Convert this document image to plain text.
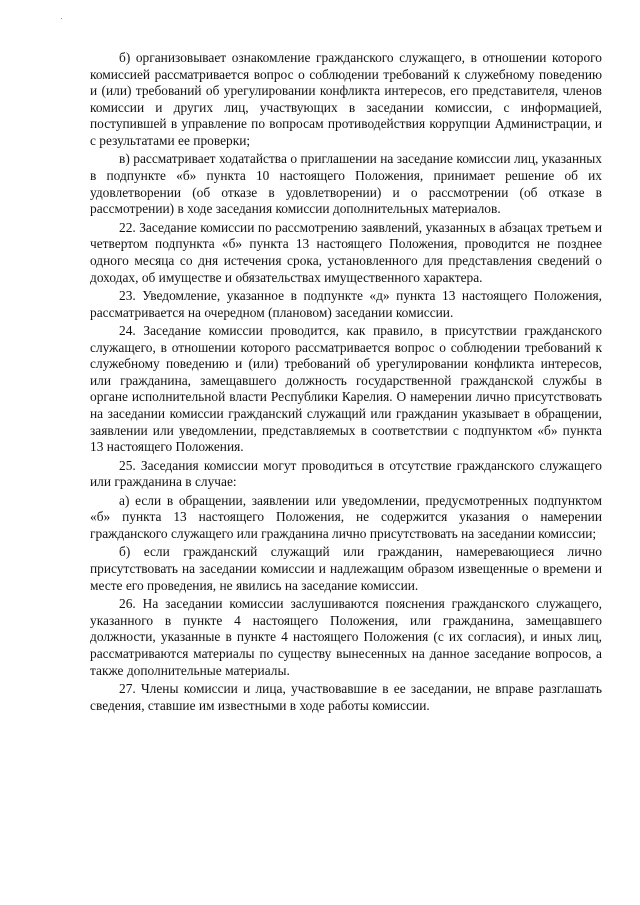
б) организовывает ознакомление гражданского служащего, в отношении которого комиссией рассматривается вопрос о соблюдении требований к служебному поведению и (или) требований об урегулировании конфликта интересов, его представителя, членов комиссии и других лиц, участвующих в заседании комиссии, с информацией, поступившей в управление по вопросам противодействия коррупции Администрации, и с результатами ее проверки;

в) рассматривает ходатайства о приглашении на заседание комиссии лиц, указанных в подпункте «б» пункта 10 настоящего Положения, принимает решение об их удовлетворении (об отказе в удовлетворении) и о рассмотрении (об отказе в рассмотрении) в ходе заседания комиссии дополнительных материалов.

22. Заседание комиссии по рассмотрению заявлений, указанных в абзацах третьем и четвертом подпункта «б» пункта 13 настоящего Положения, проводится не позднее одного месяца со дня истечения срока, установленного для представления сведений о доходах, об имуществе и обязательствах имущественного характера.

23. Уведомление, указанное в подпункте «д» пункта 13 настоящего Положения, рассматривается на очередном (плановом) заседании комиссии.

24. Заседание комиссии проводится, как правило, в присутствии гражданского служащего, в отношении которого рассматривается вопрос о соблюдении требований к служебному поведению и (или) требований об урегулировании конфликта интересов, или гражданина, замещавшего должность государственной гражданской службы в органе исполнительной власти Республики Карелия. О намерении лично присутствовать на заседании комиссии гражданский служащий или гражданин указывает в обращении, заявлении или уведомлении, представляемых в соответствии с подпунктом «б» пункта 13 настоящего Положения.

25. Заседания комиссии могут проводиться в отсутствие гражданского служащего или гражданина в случае:

а) если в обращении, заявлении или уведомлении, предусмотренных подпунктом «б» пункта 13 настоящего Положения, не содержится указания о намерении гражданского служащего или гражданина лично присутствовать на заседании комиссии;

б) если гражданский служащий или гражданин, намеревающиеся лично присутствовать на заседании комиссии и надлежащим образом извещенные о времени и месте его проведения, не явились на заседание комиссии.

26. На заседании комиссии заслушиваются пояснения гражданского служащего, указанного в пункте 4 настоящего Положения, или гражданина, замещавшего должности, указанные в пункте 4 настоящего Положения (с их согласия), и иных лиц, рассматриваются материалы по существу вынесенных на данное заседание вопросов, а также дополнительные материалы.

27. Члены комиссии и лица, участвовавшие в ее заседании, не вправе разглашать сведения, ставшие им известными в ходе работы комиссии.
